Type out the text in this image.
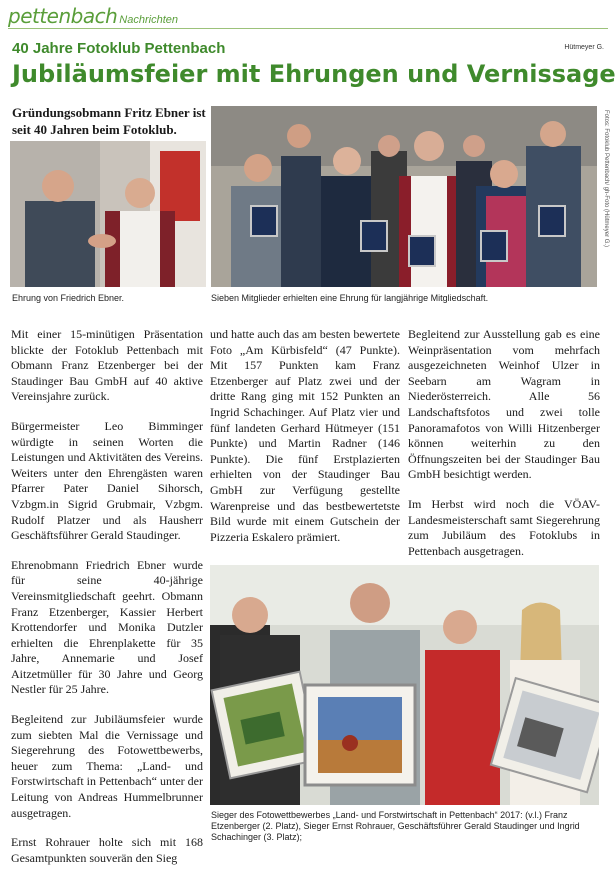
pettenbach Nachrichten
40 Jahre Fotoklub Pettenbach	Hütmeyer G.
Jubiläumsfeier mit Ehrungen und Vernissage
Gründungsobmann Fritz Ebner ist seit 40 Jahren beim Fotoklub.
Ehrung von Friedrich Ebner.	Sieben Mitglieder erhielten eine Ehrung für langjährige Mitgliedschaft.
Fotos: Fotoklub Pettenbach/ gh-Foto (Hütmeyer G.)

Mit einer 15-minütigen Präsentation blickte der Fotoklub Pettenbach mit Obmann Franz Etzenberger bei der Staudinger Bau GmbH auf 40 aktive Vereinsjahre zurück.

Bürgermeister Leo Bimminger würdigte in seinen Worten die Leistungen und Aktivitäten des Vereins. Weiters unter den Ehrengästen waren Pfarrer Pater Daniel Sihorsch, Vzbgm.in Sigrid Grubmair, Vzbgm. Rudolf Platzer und als Hausherr Geschäftsführer Gerald Staudinger.

Ehrenobmann Friedrich Ebner wurde für seine 40-jährige Vereinsmitgliedschaft geehrt. Obmann Franz Etzenberger, Kassier Herbert Krottendorfer und Monika Dutzler erhielten die Ehrenplakette für 35 Jahre, Annemarie und Josef Aitzetmüller für 30 Jahre und Georg Nestler für 25 Jahre.

Begleitend zur Jubiläumsfeier wurde zum siebten Mal die Vernissage und Siegerehrung des Fotowettbewerbs, heuer zum Thema: „Land- und Forstwirtschaft in Pettenbach“ unter der Leitung von Andreas Hummelbrunner ausgetragen.

Ernst Rohrauer holte sich mit 168 Gesamtpunkten souverän den Sieg

und hatte auch das am besten bewertete Foto „Am Kürbisfeld“ (47 Punkte). Mit 157 Punkten kam Franz Etzenberger auf Platz zwei und der dritte Rang ging mit 152 Punkten an Ingrid Schachinger. Auf Platz vier und fünf landeten Gerhard Hütmeyer (151 Punkte) und Martin Radner (146 Punkte). Die fünf Erstplazierten erhielten von der Staudinger Bau GmbH zur Verfügung gestellte Warenpreise und das bestbewertetste Bild wurde mit einem Gutschein der Pizzeria Eskalero prämiert.

Begleitend zur Ausstellung gab es eine Weinpräsentation vom mehrfach ausgezeichneten Weinhof Ulzer in Seebarn am Wagram in Niederösterreich. Alle 56 Landschaftsfotos und zwei tolle Panoramafotos von Willi Hitzenberger können weiterhin zu den Öffnungszeiten bei der Staudinger Bau GmbH besichtigt werden.

Im Herbst wird noch die VÖAV-Landesmeisterschaft samt Siegerehrung zum Jubiläum des Fotoklubs in Pettenbach ausgetragen.

Sieger des Fotowettbewerbes „Land- und Forstwirtschaft in Pettenbach“ 2017: (v.l.) Franz Etzenberger (2. Platz), Sieger Ernst Rohrauer, Geschäftsführer Gerald Staudinger und Ingrid Schachinger (3. Platz);
